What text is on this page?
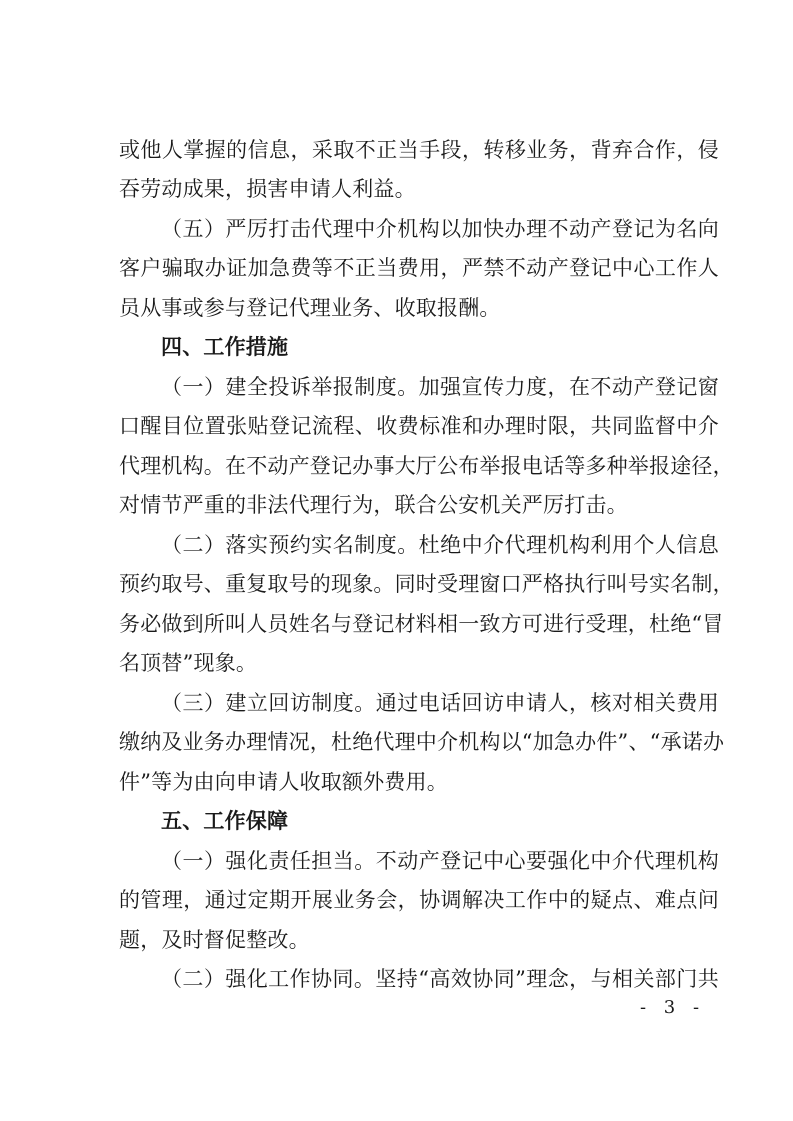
或他人掌握的信息，采取不正当手段，转移业务，背弃合作，侵
吞劳动成果，损害申请人利益。
（五）严厉打击代理中介机构以加快办理不动产登记为名向
客户骗取办证加急费等不正当费用，严禁不动产登记中心工作人
员从事或参与登记代理业务、收取报酬。
四、工作措施
（一）建全投诉举报制度。加强宣传力度，在不动产登记窗
口醒目位置张贴登记流程、收费标准和办理时限，共同监督中介
代理机构。在不动产登记办事大厅公布举报电话等多种举报途径，
对情节严重的非法代理行为，联合公安机关严厉打击。
（二）落实预约实名制度。杜绝中介代理机构利用个人信息
预约取号、重复取号的现象。同时受理窗口严格执行叫号实名制，
务必做到所叫人员姓名与登记材料相一致方可进行受理，杜绝“冒
名顶替”现象。
（三）建立回访制度。通过电话回访申请人，核对相关费用
缴纳及业务办理情况，杜绝代理中介机构以“加急办件”、“承诺办
件”等为由向申请人收取额外费用。
五、工作保障
（一）强化责任担当。不动产登记中心要强化中介代理机构
的管理，通过定期开展业务会，协调解决工作中的疑点、难点问
题，及时督促整改。
（二）强化工作协同。坚持“高效协同”理念，与相关部门共
- 3 -
